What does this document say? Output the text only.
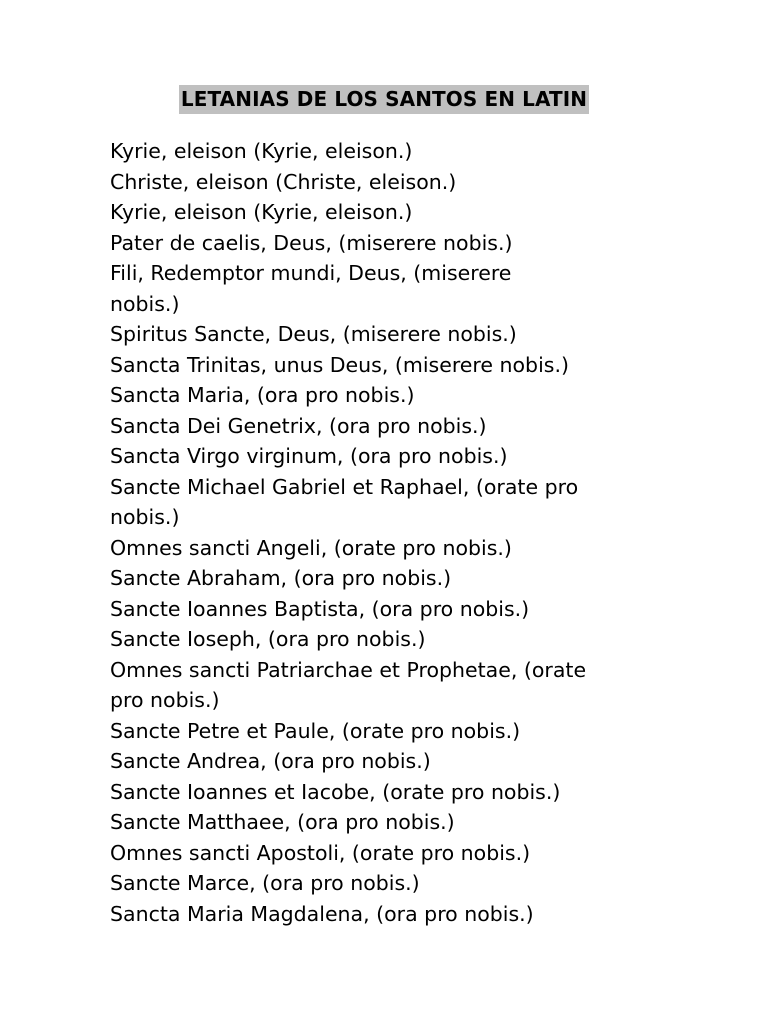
LETANIAS DE LOS SANTOS EN LATIN
Kyrie, eleison (Kyrie, eleison.)
Christe, eleison (Christe, eleison.)
Kyrie, eleison (Kyrie, eleison.)
Pater de caelis, Deus, (miserere nobis.)
Fili, Redemptor mundi, Deus, (miserere
nobis.)
Spiritus Sancte, Deus, (miserere nobis.)
Sancta Trinitas, unus Deus, (miserere nobis.)
Sancta Maria, (ora pro nobis.)
Sancta Dei Genetrix, (ora pro nobis.)
Sancta Virgo virginum, (ora pro nobis.)
Sancte Michael Gabriel et Raphael, (orate pro
nobis.)
Omnes sancti Angeli, (orate pro nobis.)
Sancte Abraham, (ora pro nobis.)
Sancte Ioannes Baptista, (ora pro nobis.)
Sancte Ioseph, (ora pro nobis.)
Omnes sancti Patriarchae et Prophetae, (orate
pro nobis.)
Sancte Petre et Paule, (orate pro nobis.)
Sancte Andrea, (ora pro nobis.)
Sancte Ioannes et Iacobe, (orate pro nobis.)
Sancte Matthaee, (ora pro nobis.)
Omnes sancti Apostoli, (orate pro nobis.)
Sancte Marce, (ora pro nobis.)
Sancta Maria Magdalena, (ora pro nobis.)
